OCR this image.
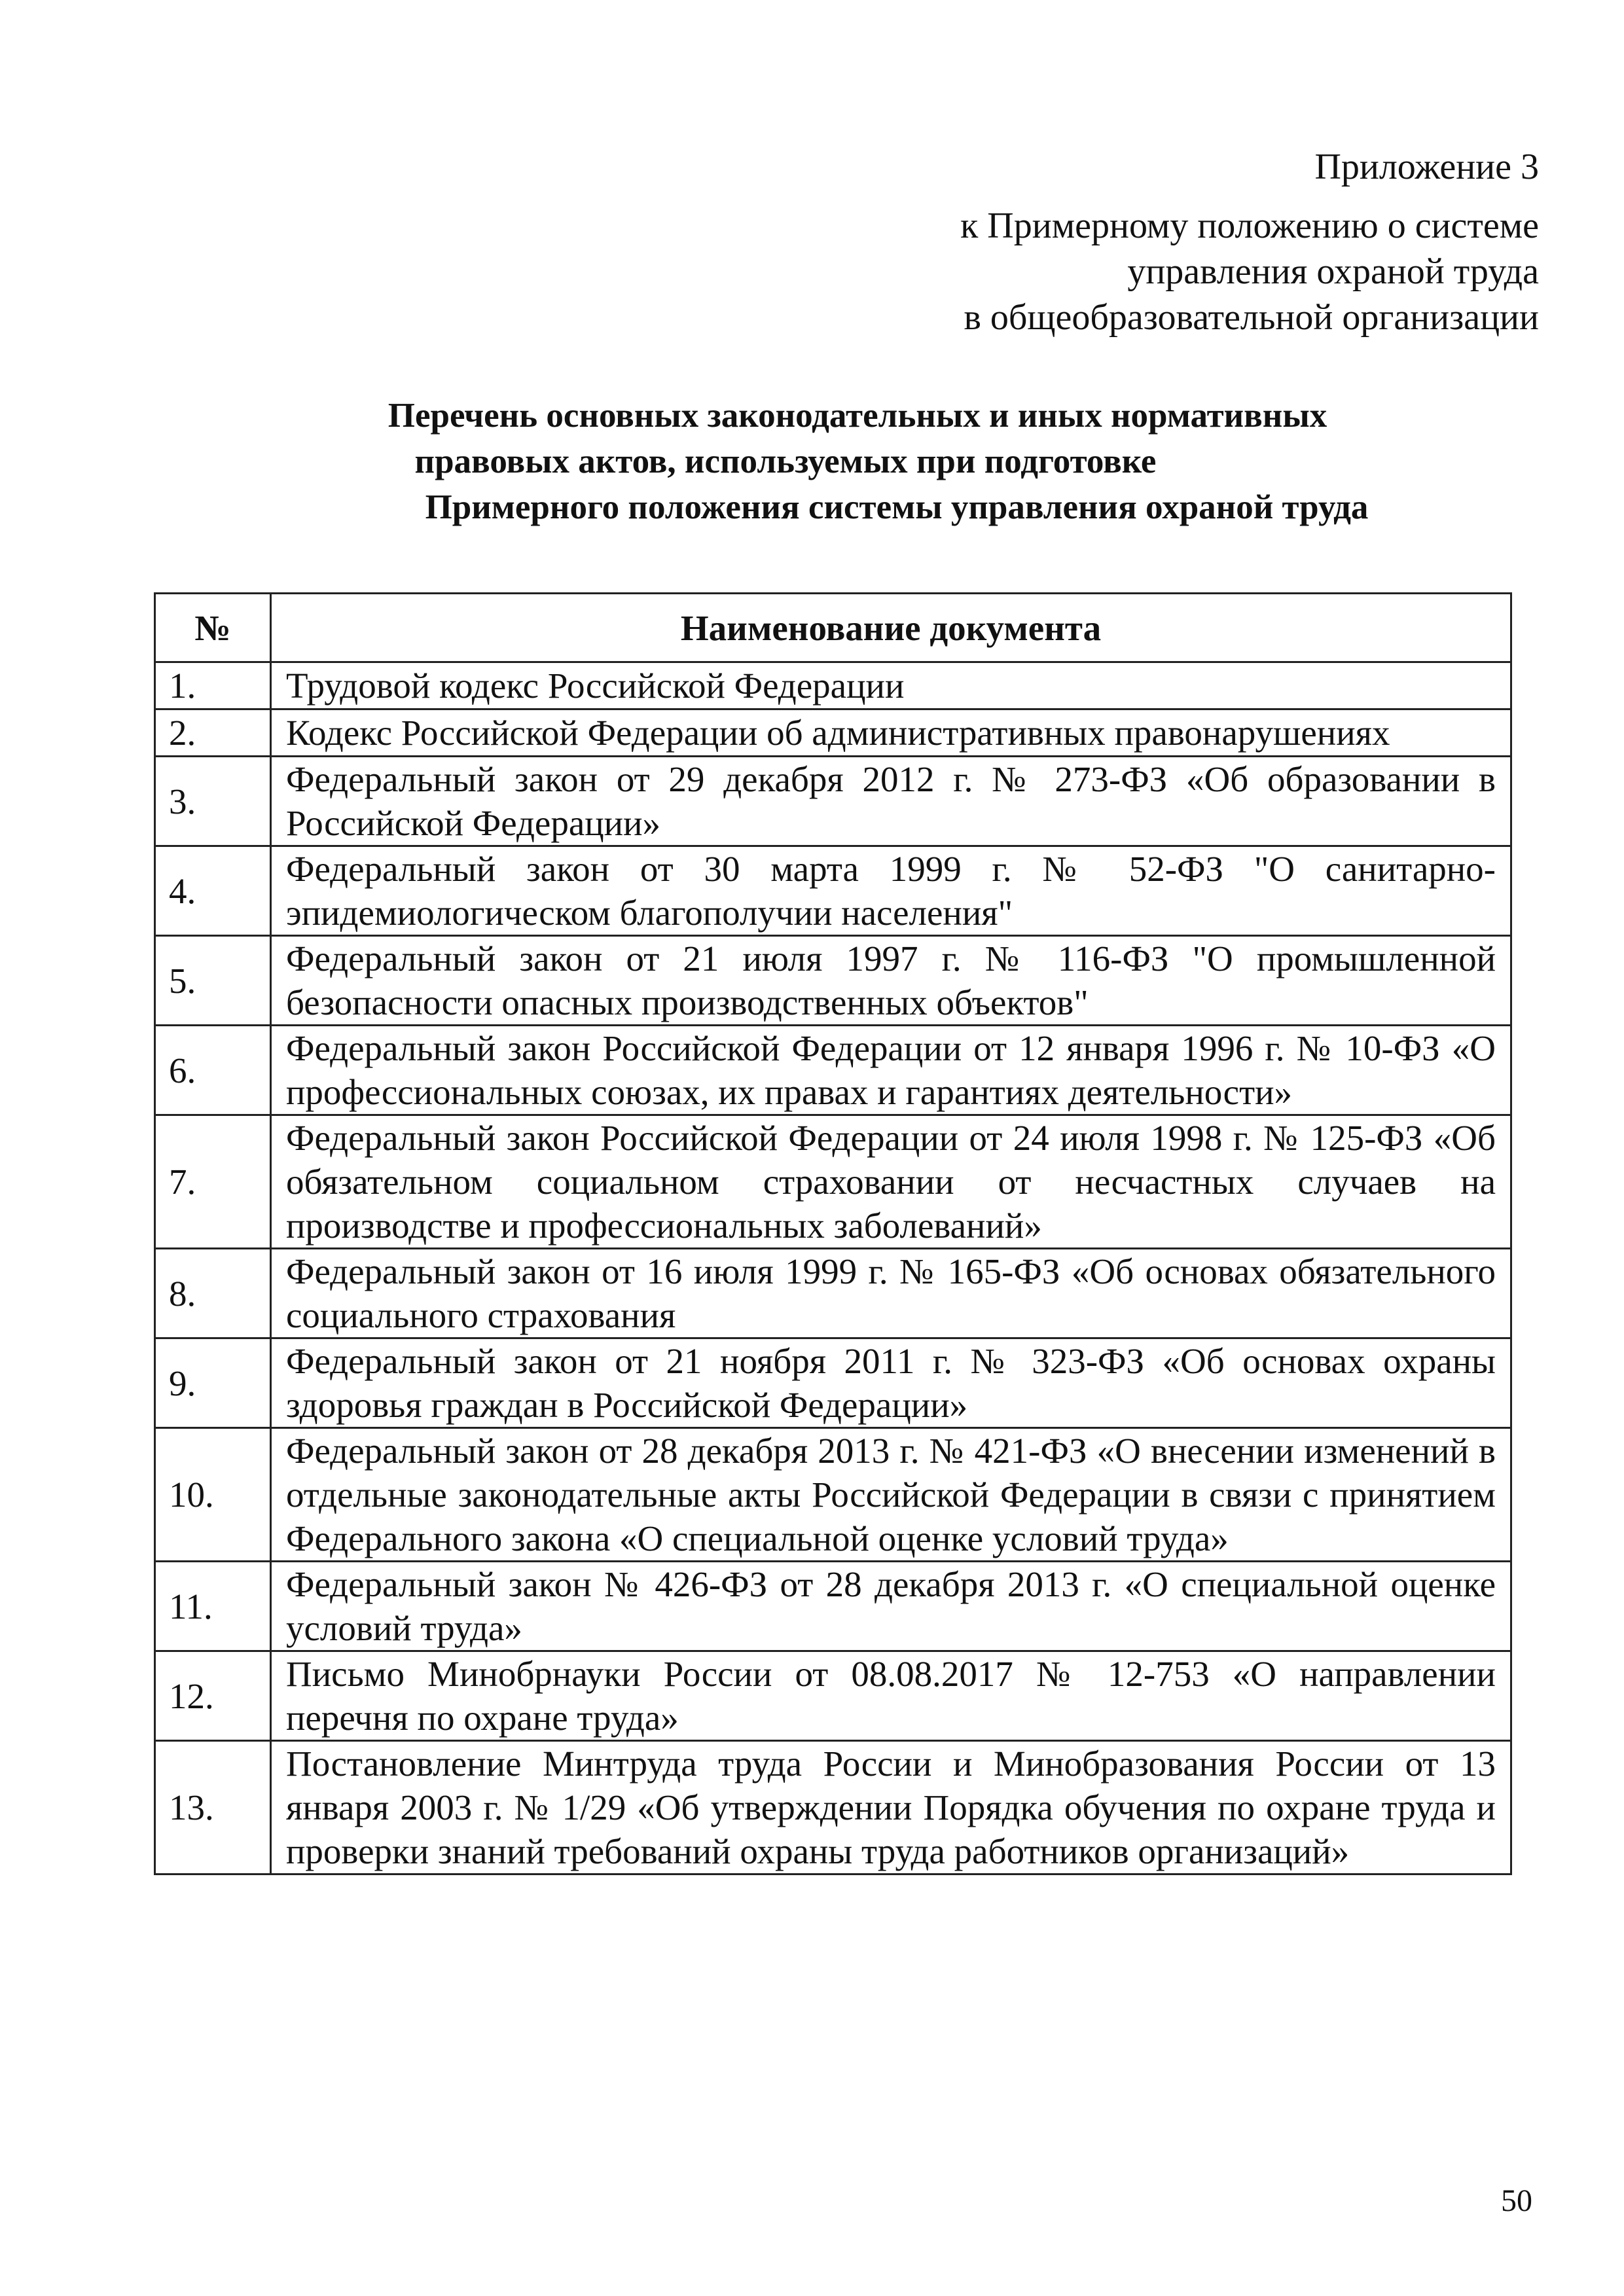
Приложение 3
к Примерному положению о системе
управления охраной труда
в общеобразовательной организации
Перечень основных законодательных и иных нормативных
правовых актов, используемых при подготовке
Примерного положения системы управления охраной труда
№	Наименование документа
1.	Трудовой кодекс Российской Федерации
2.	Кодекс Российской Федерации об административных правонарушениях
3.	Федеральный закон от 29 декабря 2012 г. № 273-ФЗ «Об образовании в Российской Федерации»
4.	Федеральный закон от 30 марта 1999 г. № 52-ФЗ "О санитарно-эпидемиологическом благополучии населения"
5.	Федеральный закон от 21 июля 1997 г. № 116-ФЗ "О промышленной безопасности опасных производственных объектов"
6.	Федеральный закон Российской Федерации от 12 января 1996 г. № 10-ФЗ «О профессиональных союзах, их правах и гарантиях деятельности»
7.	Федеральный закон Российской Федерации от 24 июля 1998 г. № 125-ФЗ «Об обязательном социальном страховании от несчастных случаев на производстве и профессиональных заболеваний»
8.	Федеральный закон от 16 июля 1999 г. № 165-ФЗ «Об основах обязательного социального страхования
9.	Федеральный закон от 21 ноября 2011 г. № 323-ФЗ «Об основах охраны здоровья граждан в Российской Федерации»
10.	Федеральный закон от 28 декабря 2013 г. № 421-ФЗ «О внесении изменений в отдельные законодательные акты Российской Федерации в связи с принятием Федерального закона «О специальной оценке условий труда»
11.	Федеральный закон № 426-ФЗ от 28 декабря 2013 г. «О специальной оценке условий труда»
12.	Письмо Минобрнауки России от 08.08.2017 № 12-753 «О направлении перечня по охране труда»
13.	Постановление Минтруда труда России и Минобразования России от 13 января 2003 г. № 1/29 «Об утверждении Порядка обучения по охране труда и проверки знаний требований охраны труда работников организаций»
50
